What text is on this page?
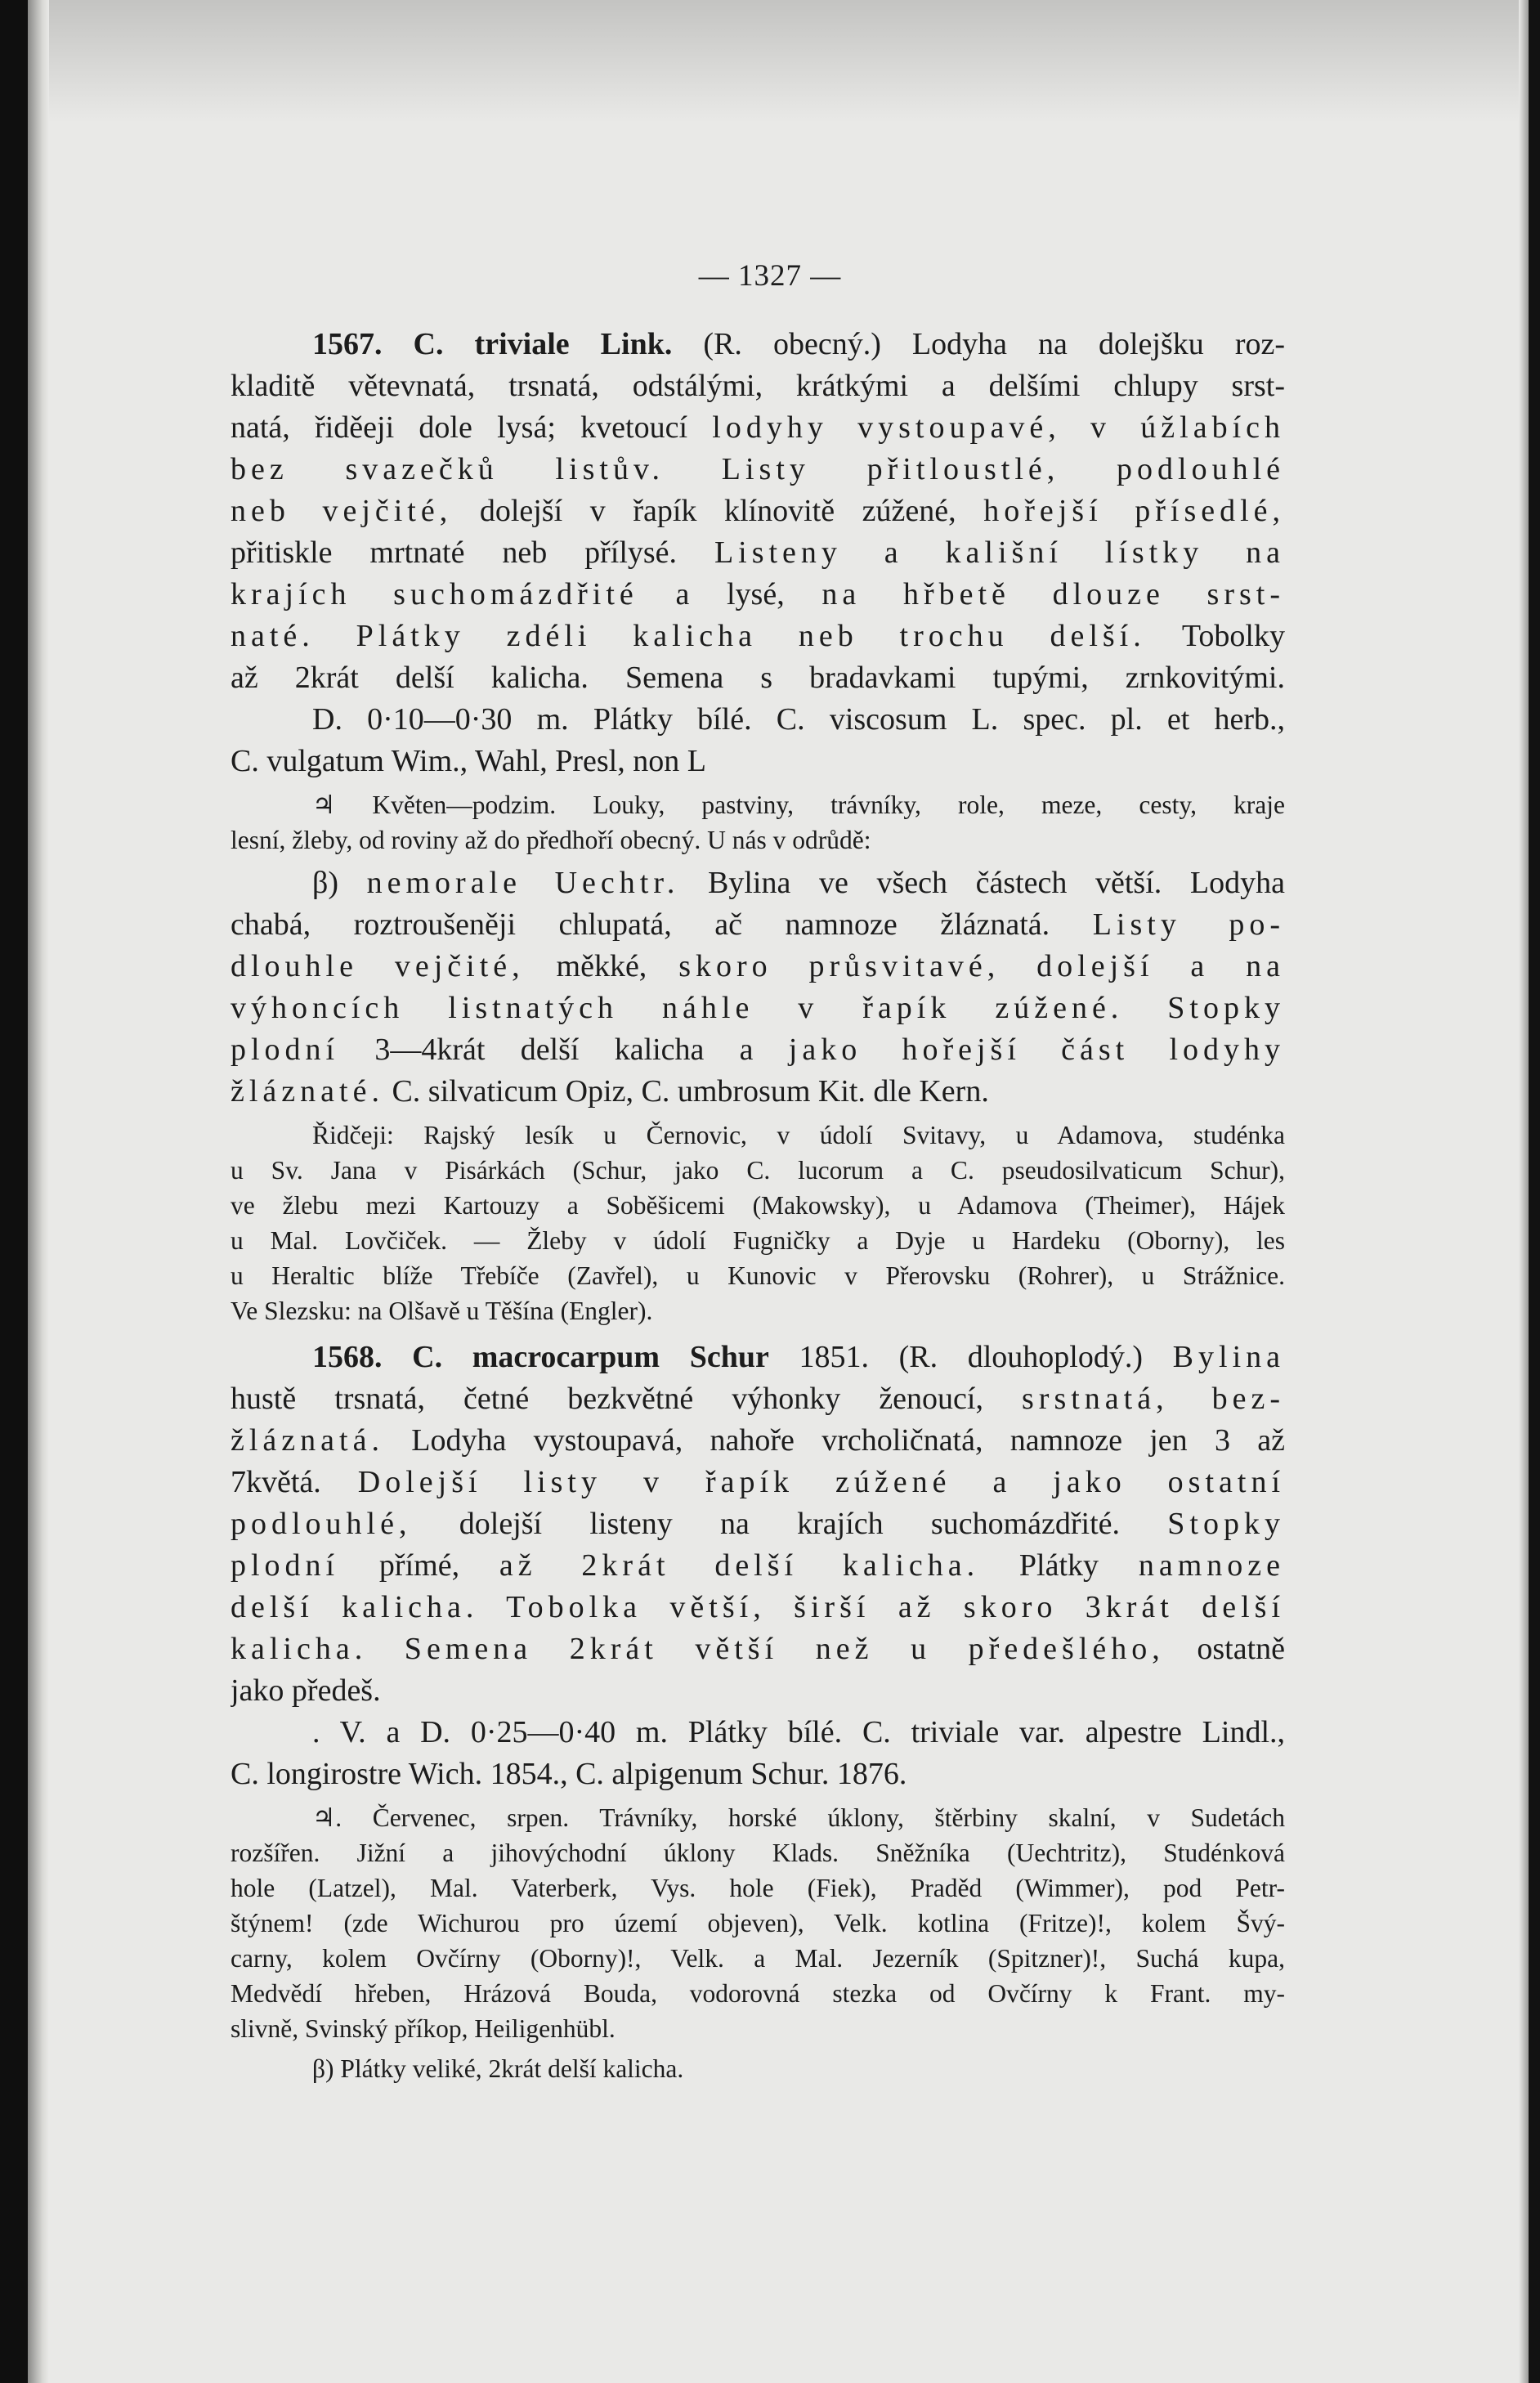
— 1327 —
1567. C. triviale Link. (R. obecný.) Lodyha na dolejšku roz-
kladitě větevnatá, trsnatá, odstálými, krátkými a delšími chlupy srst-
natá, řiděeji dole lysá; kvetoucí lodyhy vystoupavé, v úžlabích
bez svazečků listův. Listy přitloustlé, podlouhlé
neb vejčité, dolejší v řapík klínovitě zúžené, hořejší přísedlé,
přitiskle mrtnaté neb přílysé. Listeny a kališní lístky na
krajích suchomázdřité a lysé, na hřbetě dlouze srst-
naté. Plátky zdéli kalicha neb trochu delší. Tobolky
až 2krát delší kalicha. Semena s bradavkami tupými, zrnkovitými.
D. 0·10—0·30 m. Plátky bílé. C. viscosum L. spec. pl. et herb.,
C. vulgatum Wim., Wahl, Presl, non L
♃ Květen—podzim. Louky, pastviny, trávníky, role, meze, cesty, kraje
lesní, žleby, od roviny až do předhoří obecný. U nás v odrůdě:
β) nemorale Uechtr. Bylina ve všech částech větší. Lodyha
chabá, roztroušeněji chlupatá, ač namnoze žláznatá. Listy po-
dlouhle vejčité, měkké, skoro průsvitavé, dolejší a na
výhoncích listnatých náhle v řapík zúžené. Stopky
plodní 3—4krát delší kalicha a jako hořejší část lodyhy
žláznaté. C. silvaticum Opiz, C. umbrosum Kit. dle Kern.
Řidčeji: Rajský lesík u Černovic, v údolí Svitavy, u Adamova, studénka
u Sv. Jana v Pisárkách (Schur, jako C. lucorum a C. pseudosilvaticum Schur),
ve žlebu mezi Kartouzy a Soběšicemi (Makowsky), u Adamova (Theimer), Hájek
u Mal. Lovčiček. — Žleby v údolí Fugničky a Dyje u Hardeku (Oborny), les
u Heraltic blíže Třebíče (Zavřel), u Kunovic v Přerovsku (Rohrer), u Strážnice.
Ve Slezsku: na Olšavě u Těšína (Engler).
1568. C. macrocarpum Schur 1851. (R. dlouhoplodý.) Bylina
hustě trsnatá, četné bezkvětné výhonky ženoucí, srstnatá, bez-
žláznatá. Lodyha vystoupavá, nahoře vrcholičnatá, namnoze jen 3 až
7květá. Dolejší listy v řapík zúžené a jako ostatní
podlouhlé, dolejší listeny na krajích suchomázdřité. Stopky
plodní přímé, až 2krát delší kalicha. Plátky namnoze
delší kalicha. Tobolka větší, širší až skoro 3krát delší
kalicha. Semena 2krát větší než u předešlého, ostatně
jako předeš.
. V. a D. 0·25—0·40 m. Plátky bílé. C. triviale var. alpestre Lindl.,
C. longirostre Wich. 1854., C. alpigenum Schur. 1876.
♃. Červenec, srpen. Trávníky, horské úklony, štěrbiny skalní, v Sudetách
rozšířen. Jižní a jihovýchodní úklony Klads. Sněžníka (Uechtritz), Studénková
hole (Latzel), Mal. Vaterberk, Vys. hole (Fiek), Praděd (Wimmer), pod Petr-
štýnem! (zde Wichurou pro území objeven), Velk. kotlina (Fritze)!, kolem Švý-
carny, kolem Ovčírny (Oborny)!, Velk. a Mal. Jezerník (Spitzner)!, Suchá kupa,
Medvědí hřeben, Hrázová Bouda, vodorovná stezka od Ovčírny k Frant. my-
slivně, Svinský příkop, Heiligenhübl.
β) Plátky veliké, 2krát delší kalicha.
